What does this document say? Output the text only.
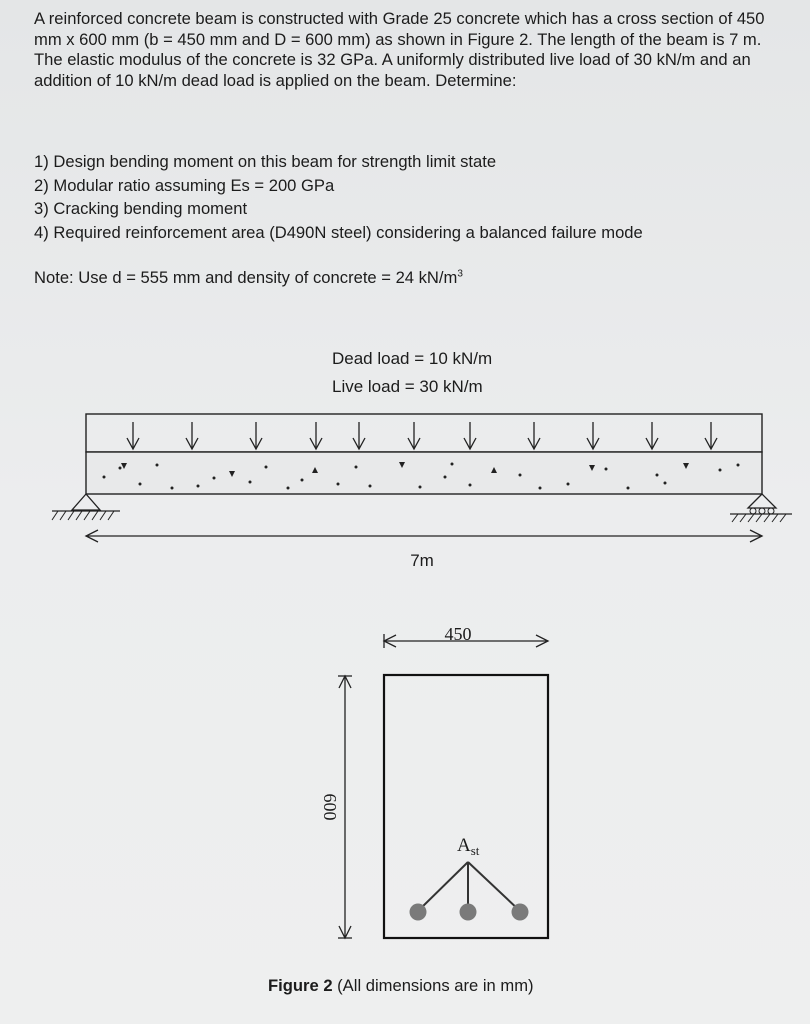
A reinforced concrete beam is constructed with Grade 25 concrete which has a cross section of 450 mm x 600 mm (b = 450 mm and D = 600 mm) as shown in Figure 2. The length of the beam is 7 m. The elastic modulus of the concrete is 32 GPa. A uniformly distributed live load of 30 kN/m and an addition of 10 kN/m dead load is applied on the beam. Determine:

1) Design bending moment on this beam for strength limit state
2) Modular ratio assuming Es = 200 GPa
3) Cracking bending moment
4) Required reinforcement area (D490N steel) considering a balanced failure mode
Note: Use d = 555 mm and density of concrete = 24 $kN/m^3$
Dead load = 10 kN/m
Live load = 30 kN/m
7m
450
600
$A_{st}$
Figure 2 (All dimensions are in mm)
